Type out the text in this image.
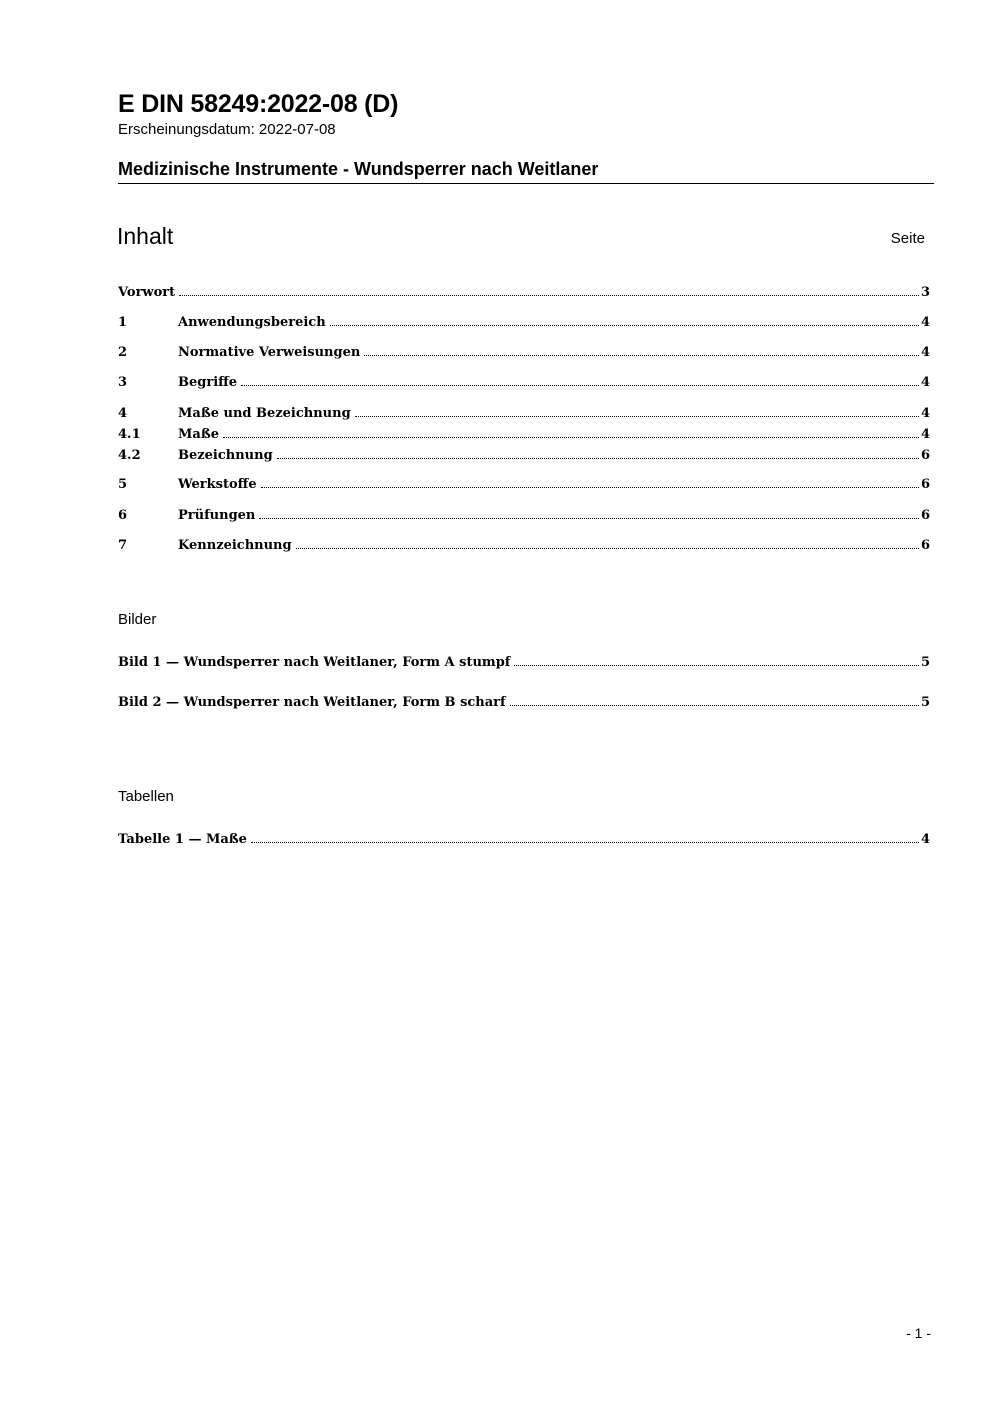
E DIN 58249:2022-08 (D)
Erscheinungsdatum: 2022-07-08
Medizinische Instrumente - Wundsperrer nach Weitlaner
Inhalt	Seite
Vorwort	3
1	Anwendungsbereich	4
2	Normative Verweisungen	4
3	Begriffe	4
4	Maße und Bezeichnung	4
4.1	Maße	4
4.2	Bezeichnung	6
5	Werkstoffe	6
6	Prüfungen	6
7	Kennzeichnung	6
Bilder
Bild 1 — Wundsperrer nach Weitlaner, Form A stumpf	5
Bild 2 — Wundsperrer nach Weitlaner, Form B scharf	5
Tabellen
Tabelle 1 — Maße	4
- 1 -
